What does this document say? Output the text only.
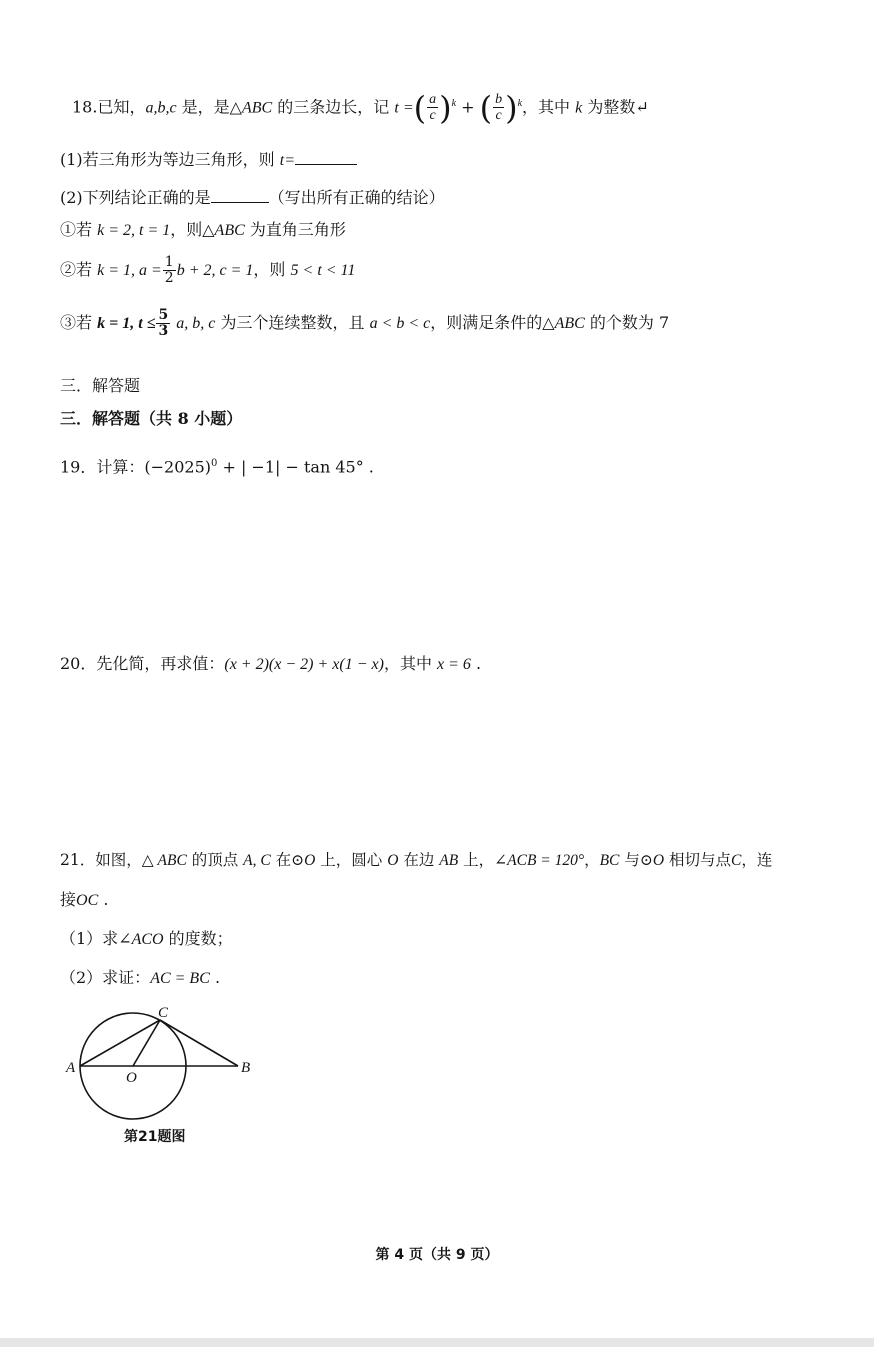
18.已知，a,b,c 是，是△ABC 的三条边长，记 t =( $\frac{a}{c} )^k$ + ( $\frac{b}{c} )^k$，其中 k 为整数↵
(1)若三角形为等边三角形，则 t=
(2)下列结论正确的是	（写出所有正确的结论）
①若 k = 2, t = 1，则△ABC 为直角三角形
②若 k = 1, $a = \frac{1}{2}$ b + 2, c = 1，则 5 < t < 11
③若 k = 1, $t \le \frac{5}{3} a$, b, c 为三个连续整数，且 a < b < c，则满足条件的△ABC 的个数为 7
三．解答题
三．解答题（共 8 小题）
19．计算：$(-2025)^0$ + | −1| − tan 45° .
20．先化简，再求值：(x + 2)(x − 2) + x(1 − x)，其中 x = 6 .
21．如图，△ ABC 的顶点 A, C 在⊙O 上，圆心 O 在边 AB 上，∠ACB = 120°，BC 与⊙O 相切与点C，连
接OC .
（1）求∠ACO 的度数；
（2）求证：AC = BC .
A	B
C
O
第21题图
第 4 页（共 9 页）
